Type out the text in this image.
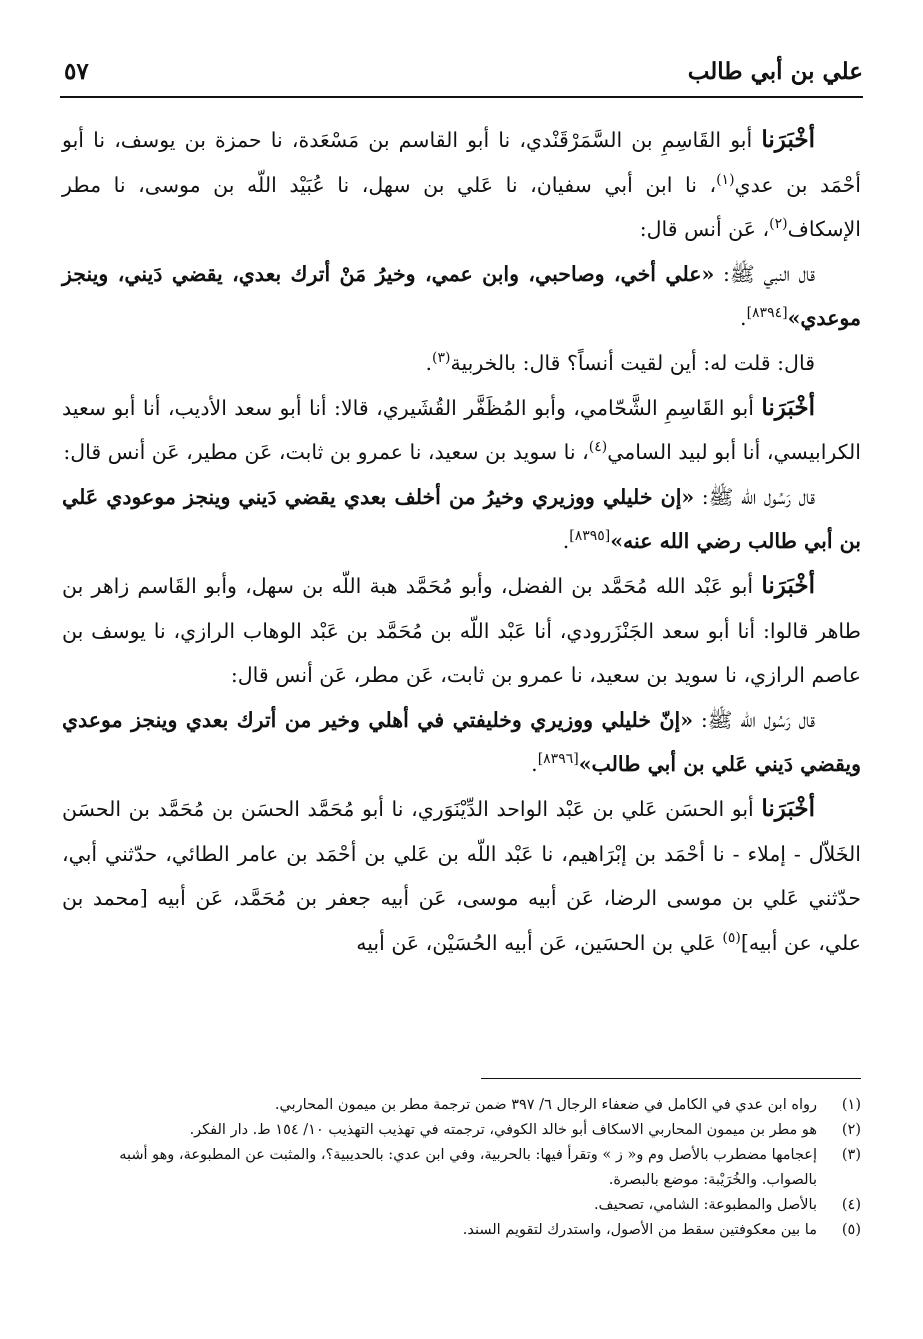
علي بن أبي طالب
٥٧

أخْبَرَنا أبو القَاسِمِ بن السَّمَرْقَنْدي، نا أبو القاسم بن مَسْعَدة، نا حمزة بن يوسف، نا أبو أحْمَد بن عدي$^{(١)}$، نا ابن أبي سفيان، نا عَلي بن سهل، نا عُبَيْد اللّه بن موسى، نا مطر الإسكاف$^{(٢)}$، عَن أنس قال:

قال النبي ﷺ: «علي أخي، وصاحبي، وابن عمي، وخيرُ مَنْ أترك بعدي، يقضي دَيني، وينجز موعدي»[٨٣٩٤].

قال: قلت له: أين لقيت أنساً؟ قال: بالخربية$^{(٣)}$.

أخْبَرَنا أبو القَاسِمِ الشَّحّامي، وأبو المُظَفَّر القُشَيري، قالا: أنا أبو سعد الأديب، أنا أبو سعيد الكرابيسي، أنا أبو لبيد السامي$^{(٤)}$، نا سويد بن سعيد، نا عمرو بن ثابت، عَن مطير، عَن أنس قال:

قال رَسُول الله ﷺ: «إن خليلي ووزيري وخيرُ من أخلف بعدي يقضي دَيني وينجز موعودي عَلي بن أبي طالب رضي الله عنه»[٨٣٩٥].

أخْبَرَنا أبو عَبْد الله مُحَمَّد بن الفضل، وأبو مُحَمَّد هبة اللّه بن سهل، وأبو القَاسم زاهر بن طاهر قالوا: أنا أبو سعد الجَنْزَرودي، أنا عَبْد اللّه بن مُحَمَّد بن عَبْد الوهاب الرازي، نا يوسف بن عاصم الرازي، نا سويد بن سعيد، نا عمرو بن ثابت، عَن مطر، عَن أنس قال:

قال رَسُول الله ﷺ: «إنّ خليلي ووزيري وخليفتي في أهلي وخير من أترك بعدي وينجز موعدي ويقضي دَيني عَلي بن أبي طالب»[٨٣٩٦].

أخْبَرَنا أبو الحسَن عَلي بن عَبْد الواحد الدِّيْنَوَري، نا أبو مُحَمَّد الحسَن بن مُحَمَّد بن الحسَن الخَلاّل - إملاء - نا أحْمَد بن إبْرَاهيم، نا عَبْد اللّه بن عَلي بن أحْمَد بن عامر الطائي، حدّثني أبي، حدّثني عَلي بن موسى الرضا، عَن أبيه موسى، عَن أبيه جعفر بن مُحَمَّد، عَن أبيه [محمد بن علي، عن أبيه]$^{(٥)}$ عَلي بن الحسَين، عَن أبيه الحُسَيْن، عَن أبيه

(١)
رواه ابن عدي في الكامل في ضعفاء الرجال ٦/ ٣٩٧ ضمن ترجمة مطر بن ميمون المحاربي.
(٢)
هو مطر بن ميمون المحاربي الاسكاف أبو خالد الكوفي، ترجمته في تهذيب التهذيب ١٠/ ١٥٤ ط. دار الفكر.
(٣)
إعجامها مضطرب بالأصل وم و« ز » وتقرأ فيها: بالحربية، وفي ابن عدي: بالحديبية؟، والمثبت عن المطبوعة، وهو أشبه بالصواب. والخُرَيْبة: موضع بالبصرة.
(٤)
بالأصل والمطبوعة: الشامي، تصحيف.
(٥)
ما بين معكوفتين سقط من الأصول، واستدرك لتقويم السند.
